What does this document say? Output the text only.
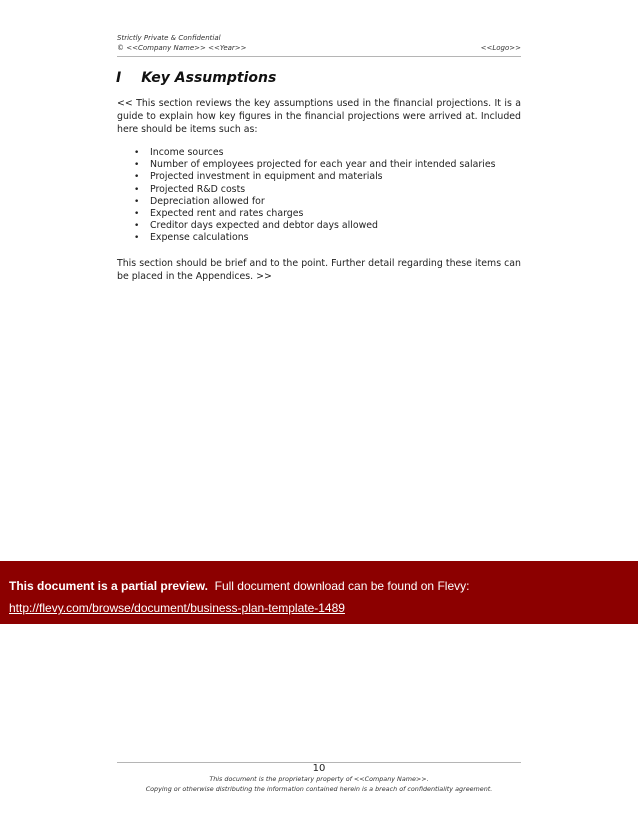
Strictly Private & Confidential
© <<Company Name>> <<Year>>	<<Logo>>
I Key Assumptions
<< This section reviews the key assumptions used in the financial projections. It is a guide to explain how key figures in the financial projections were arrived at. Included here should be items such as:
•	Income sources
•	Number of employees projected for each year and their intended salaries
•	Projected investment in equipment and materials
•	Projected R&D costs
•	Depreciation allowed for
•	Expected rent and rates charges
•	Creditor days expected and debtor days allowed
•	Expense calculations
This section should be brief and to the point. Further detail regarding these items can be placed in the Appendices. >>
This document is a partial preview.  Full document download can be found on Flevy:
http://flevy.com/browse/document/business-plan-template-1489
10
This document is the proprietary property of <<Company Name>>.
Copying or otherwise distributing the information contained herein is a breach of confidentiality agreement.
